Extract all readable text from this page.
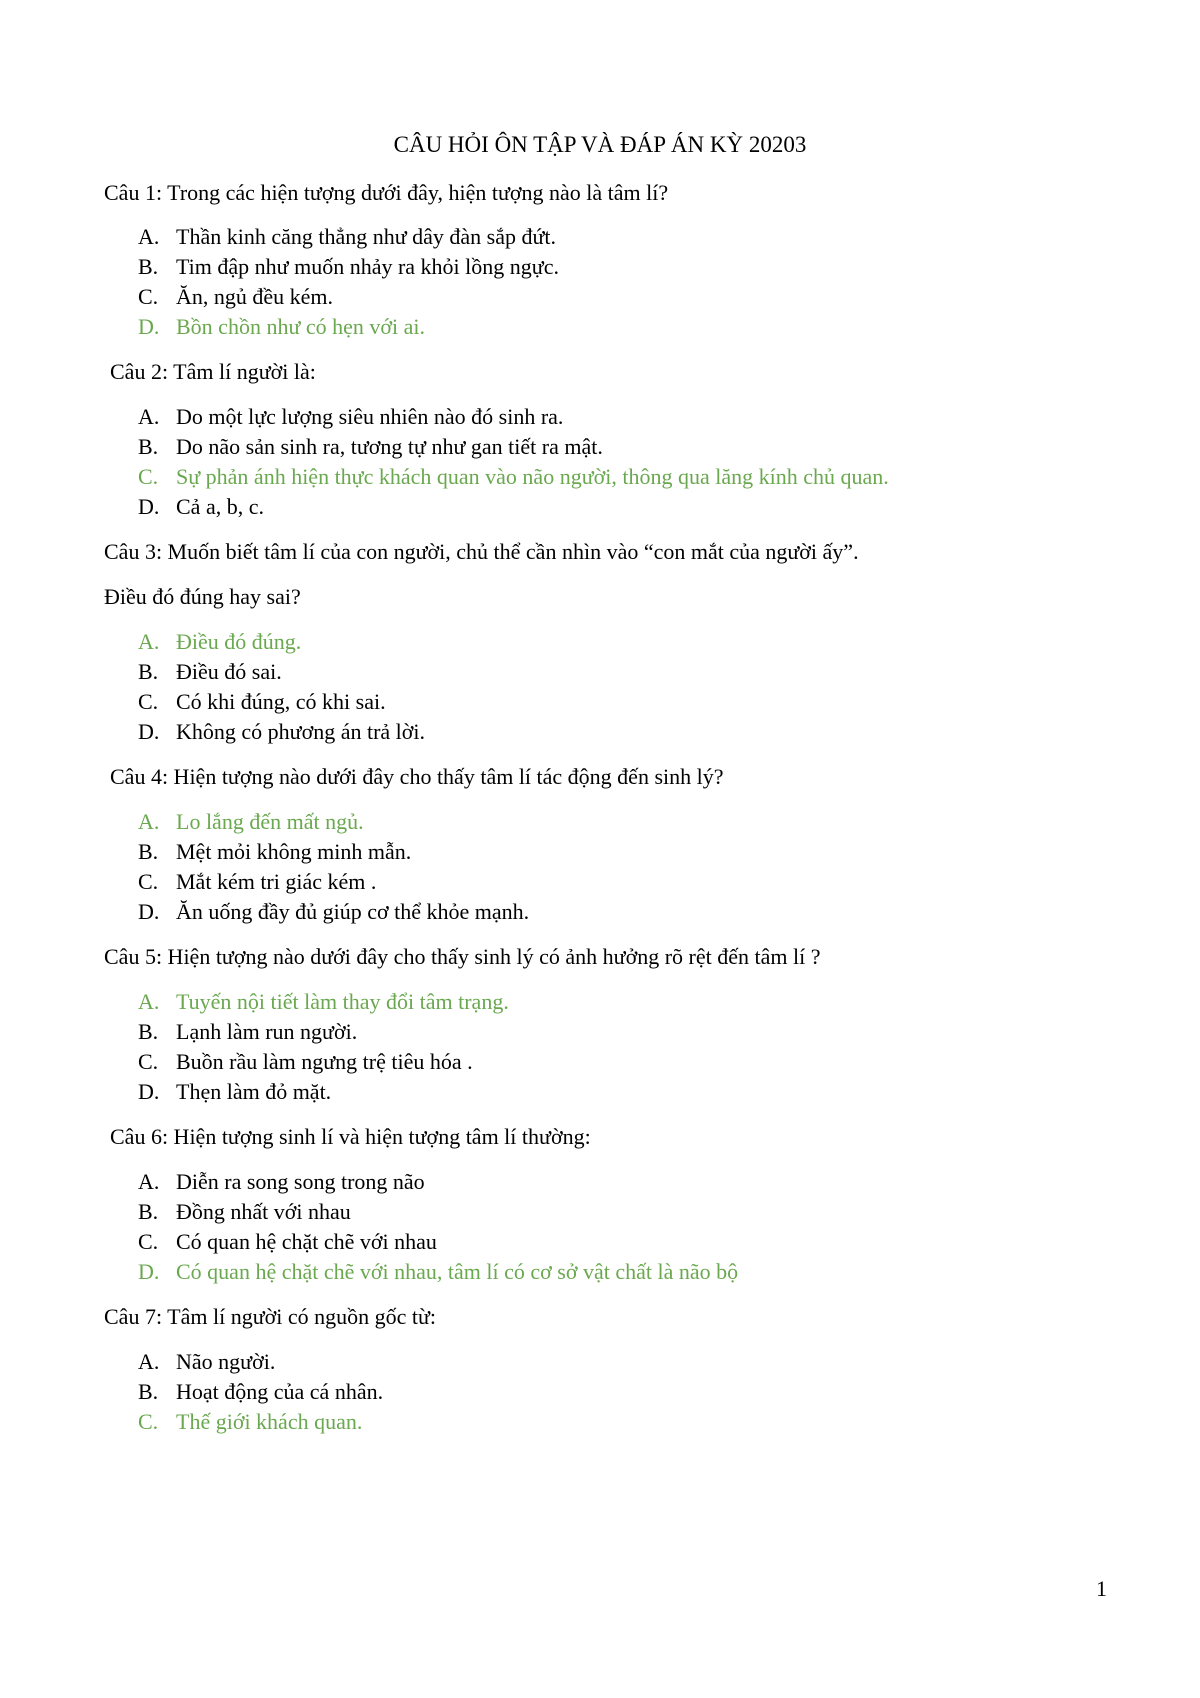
CÂU HỎI ÔN TẬP VÀ ĐÁP ÁN KỲ 20203
Câu 1: Trong các hiện tượng dưới đây, hiện tượng nào là tâm lí?
A. Thần kinh căng thẳng như dây đàn sắp đứt.
B. Tim đập như muốn nhảy ra khỏi lồng ngực.
C. Ăn, ngủ đều kém.
D. Bồn chồn như có hẹn với ai.
Câu 2: Tâm lí người là:
A. Do một lực lượng siêu nhiên nào đó sinh ra.
B. Do não sản sinh ra, tương tự như gan tiết ra mật.
C. Sự phản ánh hiện thực khách quan vào não người, thông qua lăng kính chủ quan.
D. Cả a, b, c.
Câu 3: Muốn biết tâm lí của con người, chủ thể cần nhìn vào “con mắt của người ấy”.
Điều đó đúng hay sai?
A. Điều đó đúng.
B. Điều đó sai.
C. Có khi đúng, có khi sai.
D. Không có phương án trả lời.
Câu 4: Hiện tượng nào dưới đây cho thấy tâm lí tác động đến sinh lý?
A. Lo lắng đến mất ngủ.
B. Mệt mỏi không minh mẫn.
C. Mắt kém tri giác kém .
D. Ăn uống đầy đủ giúp cơ thể khỏe mạnh.
Câu 5: Hiện tượng nào dưới đây cho thấy sinh lý có ảnh hưởng rõ rệt đến tâm lí ?
A. Tuyến nội tiết làm thay đổi tâm trạng.
B. Lạnh làm run người.
C. Buồn rầu làm ngưng trệ tiêu hóa .
D. Thẹn làm đỏ mặt.
Câu 6: Hiện tượng sinh lí và hiện tượng tâm lí thường:
A. Diễn ra song song trong não
B. Đồng nhất với nhau
C. Có quan hệ chặt chẽ với nhau
D. Có quan hệ chặt chẽ với nhau, tâm lí có cơ sở vật chất là não bộ
Câu 7: Tâm lí người có nguồn gốc từ:
A. Não người.
B. Hoạt động của cá nhân.
C. Thế giới khách quan.
1
